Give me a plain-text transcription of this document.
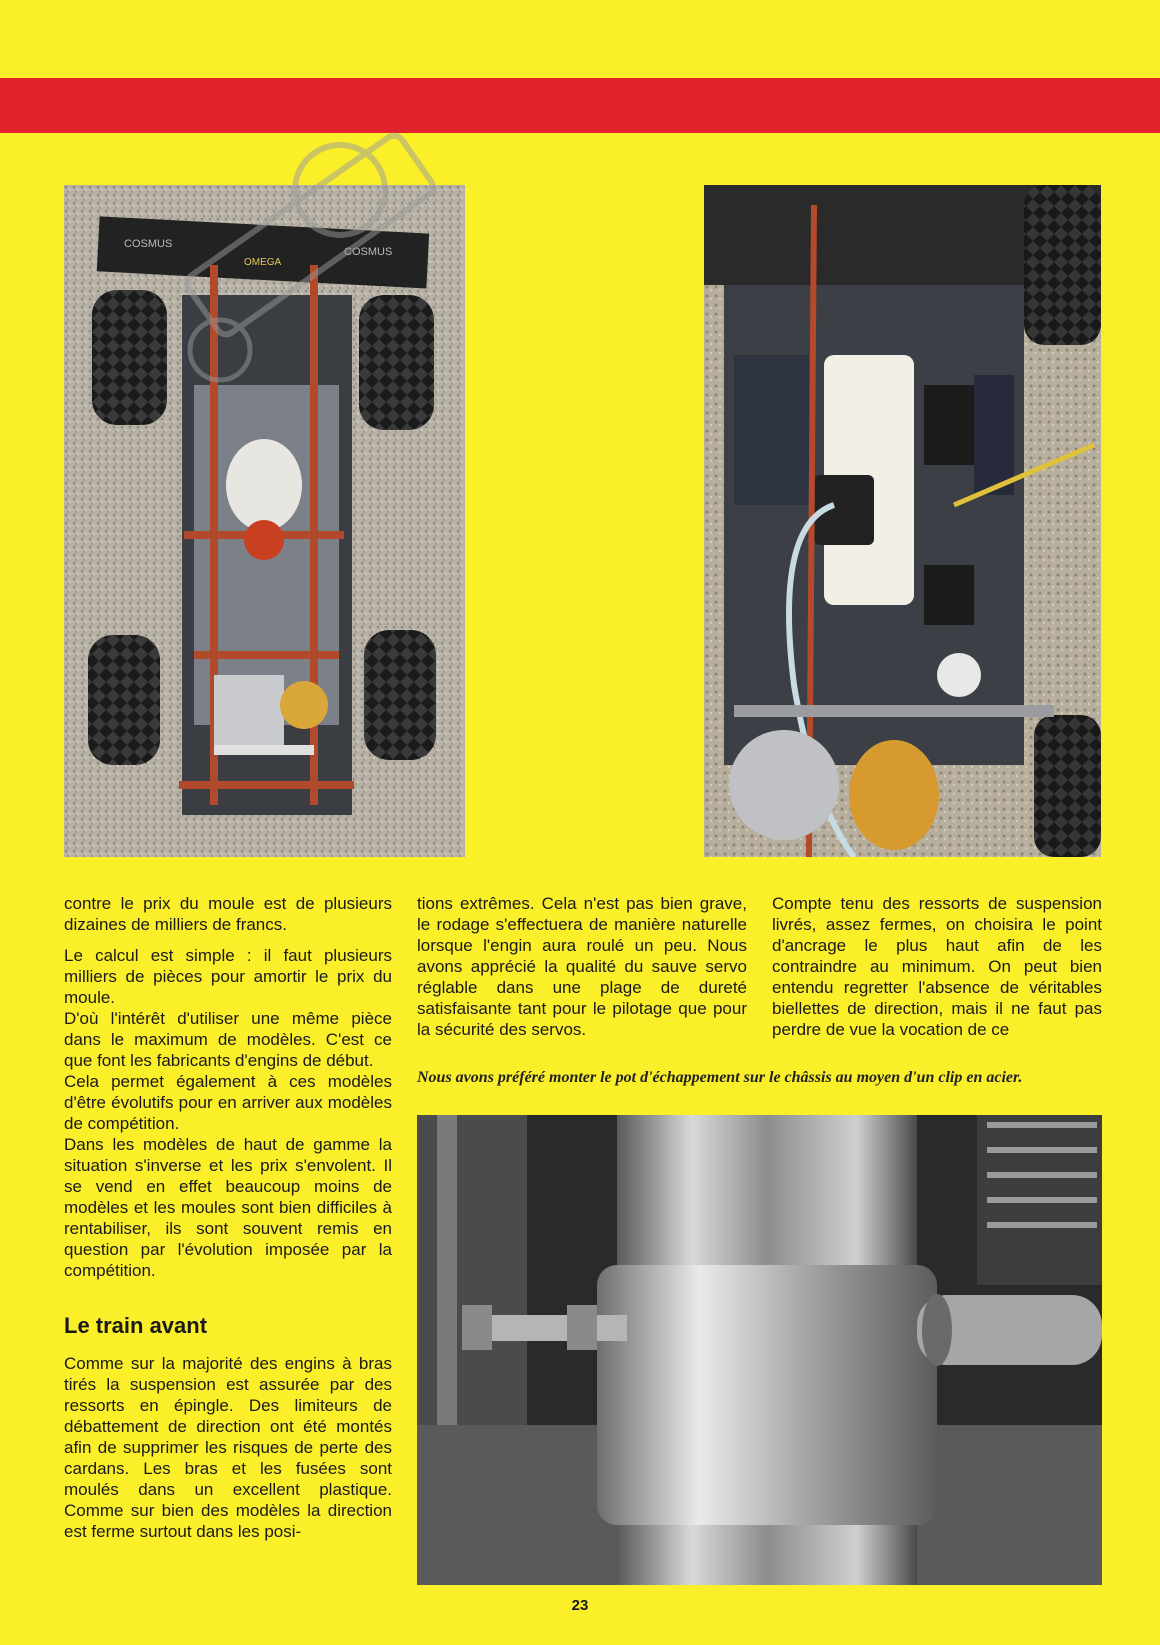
COSMUS
COSMUS
OMEGA

contre le prix du moule est de plusieurs dizaines de milliers de francs.

Le calcul est simple : il faut plusieurs milliers de pièces pour amortir le prix du moule.

D'où l'intérêt d'utiliser une même pièce dans le maximum de modèles. C'est ce que font les fabricants d'engins de début.

Cela permet également à ces modèles d'être évolutifs pour en arriver aux modèles de compétition.

Dans les modèles de haut de gamme la situation s'inverse et les prix s'envolent. Il se vend en effet beaucoup moins de modèles et les moules sont bien difficiles à rentabiliser, ils sont souvent remis en question par l'évolution imposée par la compétition.

Le train avant

Comme sur la majorité des engins à bras tirés la suspension est assurée par des ressorts en épingle. Des limiteurs de débattement de direction ont été montés afin de supprimer les risques de perte des cardans. Les bras et les fusées sont moulés dans un excellent plastique. Comme sur bien des modèles la direction est ferme surtout dans les posi-

tions extrêmes. Cela n'est pas bien grave, le rodage s'effectuera de manière naturelle lorsque l'engin aura roulé un peu. Nous avons apprécié la qualité du sauve servo réglable dans une plage de dureté satisfaisante tant pour le pilotage que pour la sécurité des servos.

Compte tenu des ressorts de suspension livrés, assez fermes, on choisira le point d'ancrage le plus haut afin de les contraindre au minimum. On peut bien entendu regretter l'absence de véritables biellettes de direction, mais il ne faut pas perdre de vue la vocation de ce

Nous avons préféré monter le pot d'échappement sur le châssis au moyen d'un clip en acier.
23
